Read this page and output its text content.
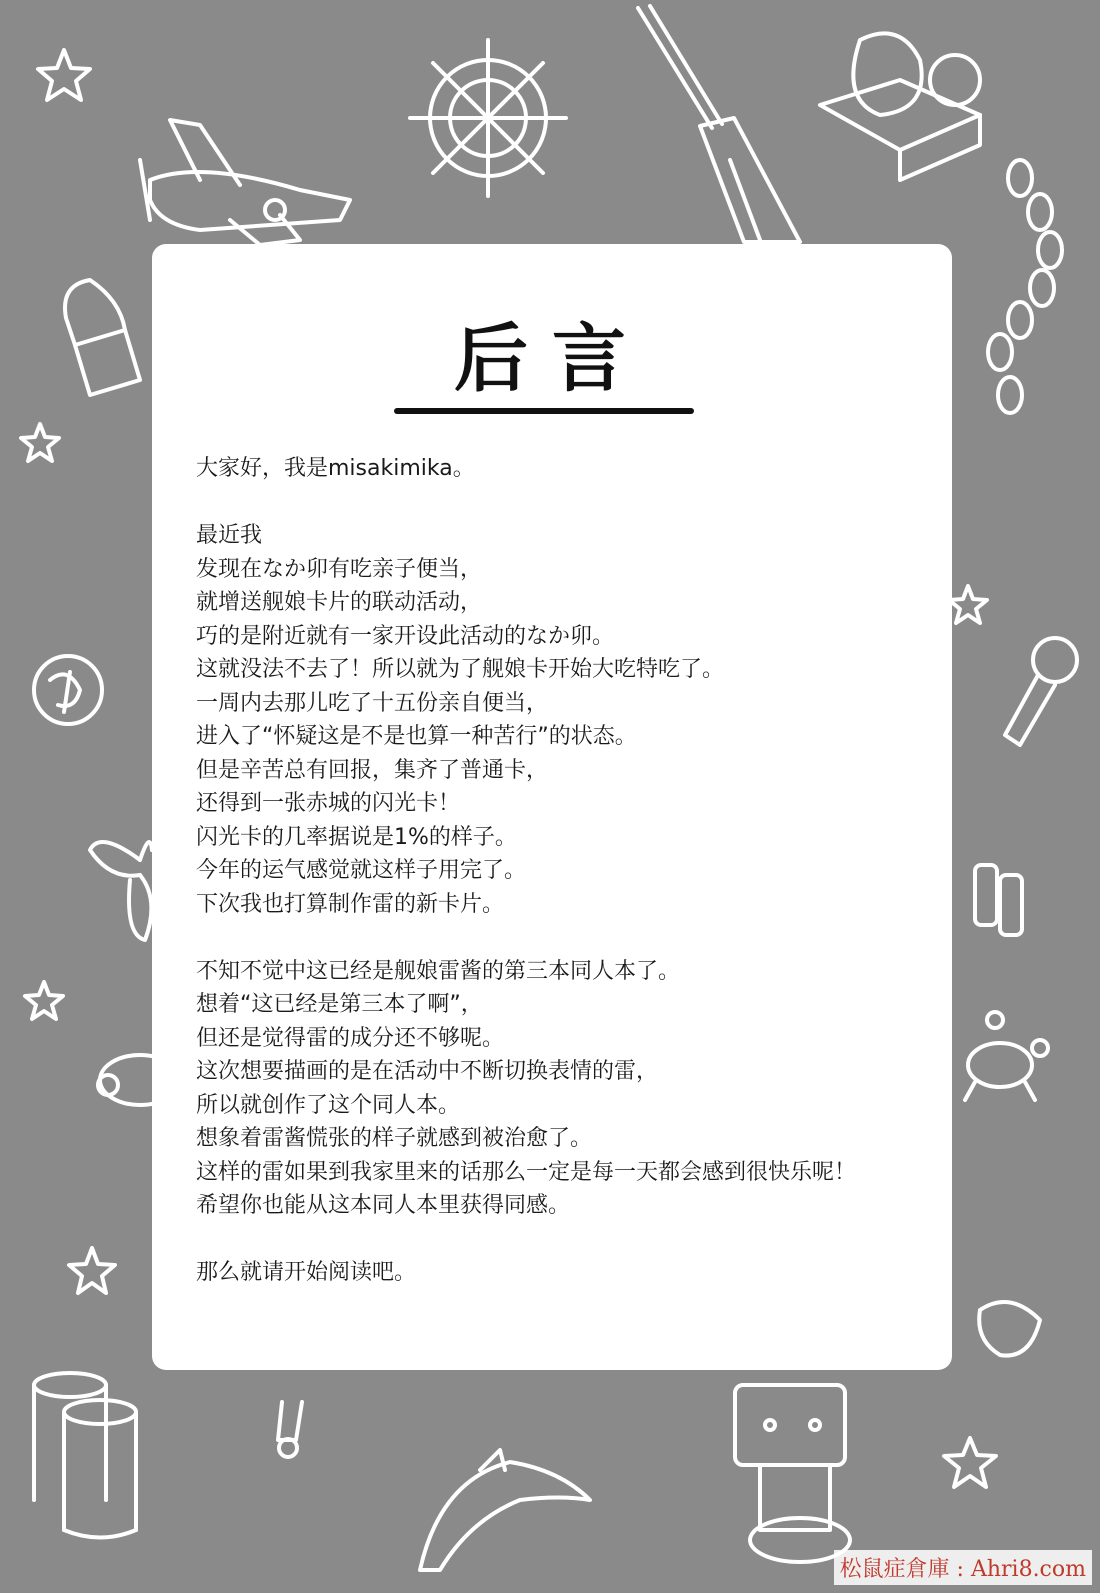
后言

大家好，我是misakimika。

最近我

发现在なか卯有吃亲子便当，

就增送舰娘卡片的联动活动，

巧的是附近就有一家开设此活动的なか卯。

这就没法不去了！所以就为了舰娘卡开始大吃特吃了。

一周内去那儿吃了十五份亲自便当，

进入了“怀疑这是不是也算一种苦行”的状态。

但是辛苦总有回报，集齐了普通卡，

还得到一张赤城的闪光卡！

闪光卡的几率据说是1%的样子。

今年的运气感觉就这样子用完了。

下次我也打算制作雷的新卡片。

不知不觉中这已经是舰娘雷酱的第三本同人本了。

想着“这已经是第三本了啊”，

但还是觉得雷的成分还不够呢。

这次想要描画的是在活动中不断切换表情的雷，

所以就创作了这个同人本。

想象着雷酱慌张的样子就感到被治愈了。

这样的雷如果到我家里来的话那么一定是每一天都会感到很快乐呢！

希望你也能从这本同人本里获得同感。

那么就请开始阅读吧。

松鼠症倉庫 : Ahri8.com
